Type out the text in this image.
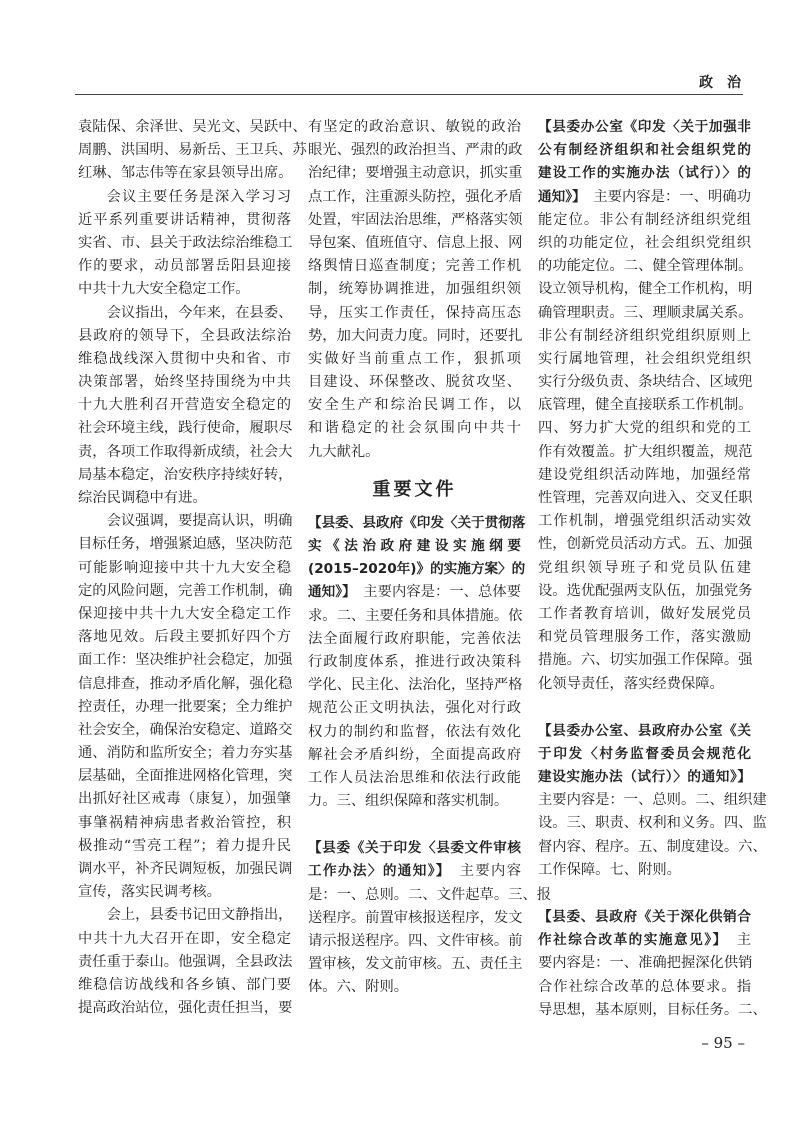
政治
袁陆保、余泽世、吴光文、吴跃中、
周鹏、洪国明、易新岳、王卫兵、苏
红琳、邹志伟等在家县领导出席。
会议主要任务是深入学习习
近平系列重要讲话精神，贯彻落
实省、市、县关于政法综治维稳工
作的要求，动员部署岳阳县迎接
中共十九大安全稳定工作。
会议指出，今年来，在县委、
县政府的领导下，全县政法综治
维稳战线深入贯彻中央和省、市
决策部署，始终坚持围绕为中共
十九大胜利召开营造安全稳定的
社会环境主线，践行使命，履职尽
责，各项工作取得新成绩，社会大
局基本稳定，治安秩序持续好转，
综治民调稳中有进。
会议强调，要提高认识，明确
目标任务，增强紧迫感，坚决防范
可能影响迎接中共十九大安全稳
定的风险问题，完善工作机制，确
保迎接中共十九大安全稳定工作
落地见效。后段主要抓好四个方
面工作：坚决维护社会稳定，加强
信息排查，推动矛盾化解，强化稳
控责任，办理一批要案；全力维护
社会安全，确保治安稳定、道路交
通、消防和监所安全；着力夯实基
层基础，全面推进网格化管理，突
出抓好社区戒毒（康复），加强肇
事肇祸精神病患者救治管控，积
极推动“雪亮工程”；着力提升民
调水平，补齐民调短板，加强民调
宣传，落实民调考核。
会上，县委书记田文静指出，
中共十九大召开在即，安全稳定
责任重于泰山。他强调，全县政法
维稳信访战线和各乡镇、部门要
提高政治站位，强化责任担当，要
有坚定的政治意识、敏锐的政治
眼光、强烈的政治担当、严肃的政
治纪律；要增强主动意识，抓实重
点工作，注重源头防控，强化矛盾
处置，牢固法治思维，严格落实领
导包案、值班值守、信息上报、网
络舆情日巡查制度；完善工作机
制，统筹协调推进，加强组织领
导，压实工作责任，保持高压态
势，加大问责力度。同时，还要扎
实做好当前重点工作，狠抓项
目建设、环保整改、脱贫攻坚、
安全生产和综治民调工作，以
和谐稳定的社会氛围向中共十
九大献礼。
重要文件
【县委、县政府《印发〈关于贯彻落
实《法治政府建设实施纲要
(2015–2020年)》的实施方案〉的
通知》】　主要内容是：一、总体要
求。二、主要任务和具体措施。依
法全面履行政府职能，完善依法
行政制度体系，推进行政决策科
学化、民主化、法治化，坚持严格
规范公正文明执法，强化对行政
权力的制约和监督，依法有效化
解社会矛盾纠纷，全面提高政府
工作人员法治思维和依法行政能
力。三、组织保障和落实机制。
【县委《关于印发〈县委文件审核
工作办法〉的通知》】　主要内容
是：一、总则。二、文件起草。三、报
送程序。前置审核报送程序，发文
请示报送程序。四、文件审核。前
置审核，发文前审核。五、责任主
体。六、附则。
【县委办公室《印发〈关于加强非
公有制经济组织和社会组织党的
建设工作的实施办法（试行）〉的
通知》】　主要内容是：一、明确功
能定位。非公有制经济组织党组
织的功能定位，社会组织党组织
的功能定位。二、健全管理体制。
设立领导机构，健全工作机构，明
确管理职责。三、理顺隶属关系。
非公有制经济组织党组织原则上
实行属地管理，社会组织党组织
实行分级负责、条块结合、区域兜
底管理，健全直接联系工作机制。
四、努力扩大党的组织和党的工
作有效覆盖。扩大组织覆盖，规范
建设党组织活动阵地，加强经常
性管理，完善双向进入、交叉任职
工作机制，增强党组织活动实效
性，创新党员活动方式。五、加强
党组织领导班子和党员队伍建
设。选优配强两支队伍，加强党务
工作者教育培训，做好发展党员
和党员管理服务工作，落实激励
措施。六、切实加强工作保障。强
化领导责任，落实经费保障。
【县委办公室、县政府办公室《关
于印发〈村务监督委员会规范化
建设实施办法（试行）〉的通知》】
主要内容是：一、总则。二、组织建
设。三、职责、权利和义务。四、监
督内容、程序。五、制度建设。六、
工作保障。七、附则。
【县委、县政府《关于深化供销合
作社综合改革的实施意见》】　主
要内容是：一、准确把握深化供销
合作社综合改革的总体要求。指
导思想，基本原则，目标任务。二、
– 95 –
